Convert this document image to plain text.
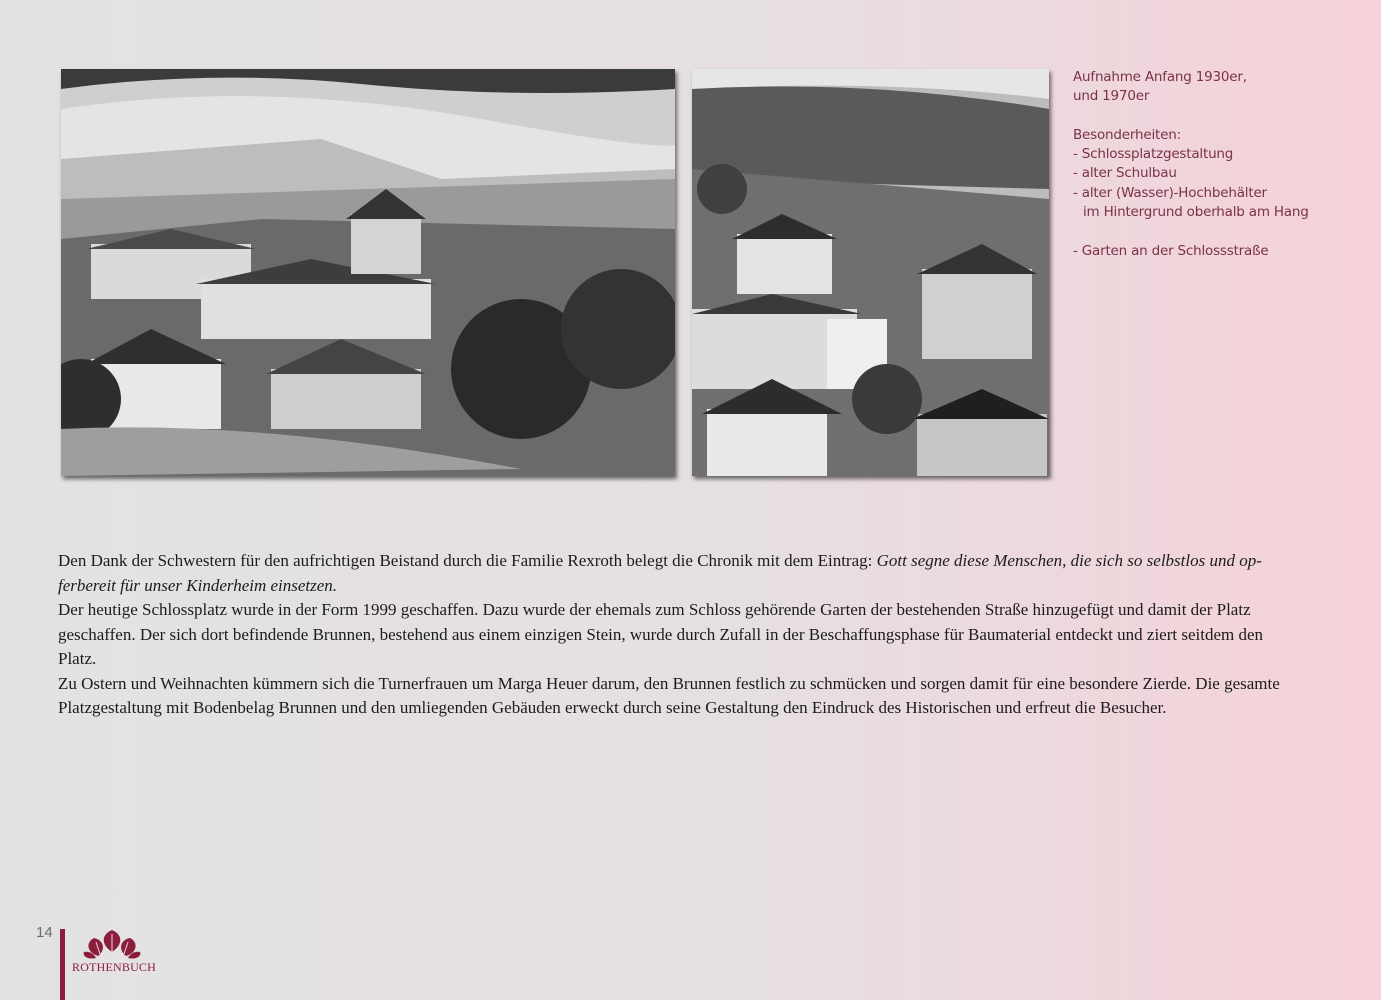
Aufnahme Anfang 1930er,

und 1970er

Besonderheiten:

- Schlossplatzgestaltung

- alter Schulbau

- alter (Wasser)-Hochbehälter

im Hintergrund oberhalb am Hang

- Garten an der Schlossstraße

Den Dank der Schwestern für den aufrichtigen Beistand durch die Familie Rexroth belegt die Chronik mit dem Eintrag: Gott segne diese Menschen, die sich so selbstlos und opferbereit für unser Kinderheim einsetzen.

Der heutige Schlossplatz wurde in der Form 1999 geschaffen. Dazu wurde der ehemals zum Schloss gehörende Garten der bestehenden Straße hinzugefügt und damit der Platz geschaffen. Der sich dort befindende Brunnen, bestehend aus einem einzigen Stein, wurde durch Zufall in der Beschaffungsphase für Baumaterial entdeckt und ziert seitdem den Platz.

Zu Ostern und Weihnachten kümmern sich die Turnerfrauen um Marga Heuer darum, den Brunnen festlich zu schmücken und sorgen damit für eine besondere Zierde. Die gesamte Platzgestaltung mit Bodenbelag Brunnen und den umliegenden Gebäuden erweckt durch seine Gestaltung den Eindruck des Historischen und erfreut die Besucher.

14
ROTHENBUCH
